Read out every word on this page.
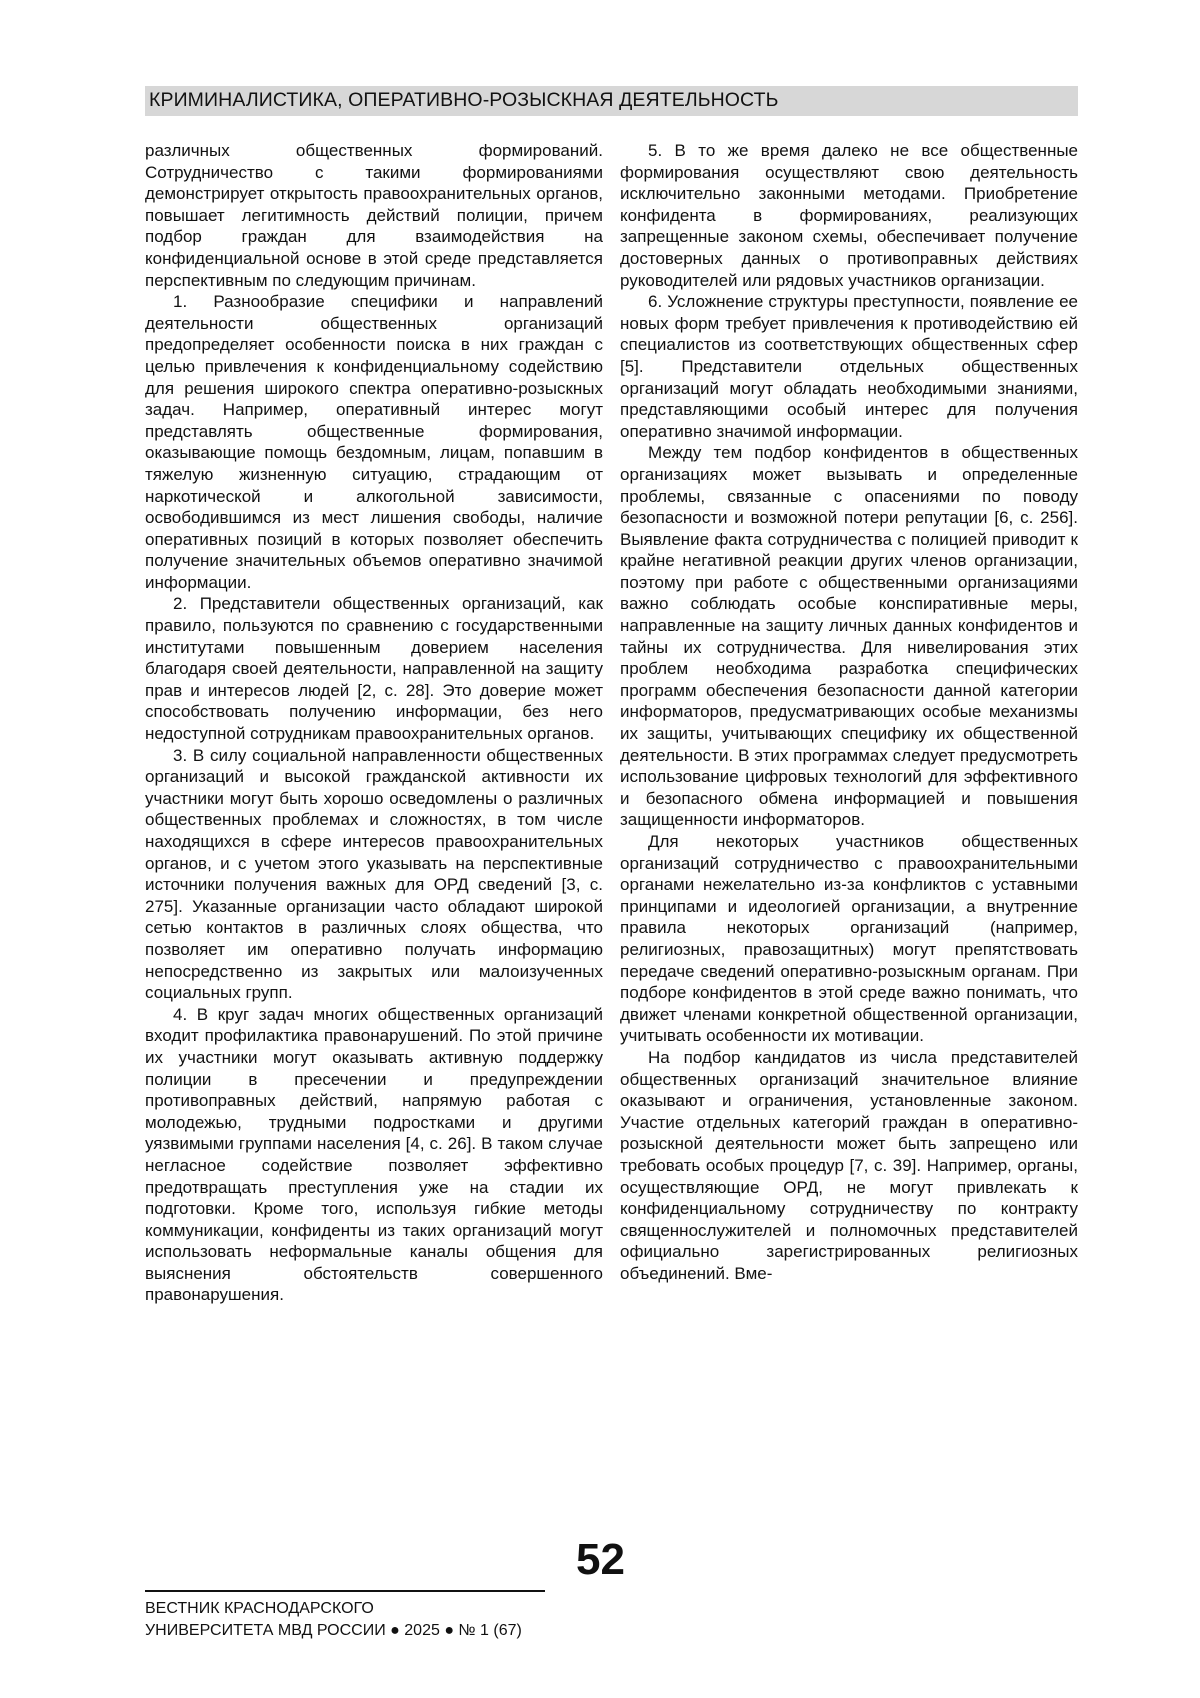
КРИМИНАЛИСТИКА, ОПЕРАТИВНО-РОЗЫСКНАЯ ДЕЯТЕЛЬНОСТЬ

различных общественных формирований. Сотрудничество с такими формированиями демонстрирует открытость правоохранительных органов, повышает легитимность действий полиции, причем подбор граждан для взаимодействия на конфиденциальной основе в этой среде представляется перспективным по следующим причинам.

1. Разнообразие специфики и направлений деятельности общественных организаций предопределяет особенности поиска в них граждан с целью привлечения к конфиденциальному содействию для решения широкого спектра оперативно-розыскных задач. Например, оперативный интерес могут представлять общественные формирования, оказывающие помощь бездомным, лицам, попавшим в тяжелую жизненную ситуацию, страдающим от наркотической и алкогольной зависимости, освободившимся из мест лишения свободы, наличие оперативных позиций в которых позволяет обеспечить получение значительных объемов оперативно значимой информации.

2. Представители общественных организаций, как правило, пользуются по сравнению с государственными институтами повышенным доверием населения благодаря своей деятельности, направленной на защиту прав и интересов людей [2, с. 28]. Это доверие может способствовать получению информации, без него недоступной сотрудникам правоохранительных органов.

3. В силу социальной направленности общественных организаций и высокой гражданской активности их участники могут быть хорошо осведомлены о различных общественных проблемах и сложностях, в том числе находящихся в сфере интересов правоохранительных органов, и с учетом этого указывать на перспективные источники получения важных для ОРД сведений [3, с. 275]. Указанные организации часто обладают широкой сетью контактов в различных слоях общества, что позволяет им оперативно получать информацию непосредственно из закрытых или малоизученных социальных групп.

4. В круг задач многих общественных организаций входит профилактика правонарушений. По этой причине их участники могут оказывать активную поддержку полиции в пресечении и предупреждении противоправных действий, напрямую работая с молодежью, трудными подростками и другими уязвимыми группами населения [4, с. 26]. В таком случае негласное содействие позволяет эффективно предотвращать преступления уже на стадии их подготовки. Кроме того, используя гибкие методы коммуникации, конфиденты из таких организаций могут использовать неформальные каналы общения для выяснения обстоятельств совершенного правонарушения.

5. В то же время далеко не все общественные формирования осуществляют свою деятельность исключительно законными методами. Приобретение конфидента в формированиях, реализующих запрещенные законом схемы, обеспечивает получение достоверных данных о противоправных действиях руководителей или рядовых участников организации.

6. Усложнение структуры преступности, появление ее новых форм требует привлечения к противодействию ей специалистов из соответствующих общественных сфер [5]. Представители отдельных общественных организаций могут обладать необходимыми знаниями, представляющими особый интерес для получения оперативно значимой информации.

Между тем подбор конфидентов в общественных организациях может вызывать и определенные проблемы, связанные с опасениями по поводу безопасности и возможной потери репутации [6, с. 256]. Выявление факта сотрудничества с полицией приводит к крайне негативной реакции других членов организации, поэтому при работе с общественными организациями важно соблюдать особые конспиративные меры, направленные на защиту личных данных конфидентов и тайны их сотрудничества. Для нивелирования этих проблем необходима разработка специфических программ обеспечения безопасности данной категории информаторов, предусматривающих особые механизмы их защиты, учитывающих специфику их общественной деятельности. В этих программах следует предусмотреть использование цифровых технологий для эффективного и безопасного обмена информацией и повышения защищенности информаторов.

Для некоторых участников общественных организаций сотрудничество с правоохранительными органами нежелательно из-за конфликтов с уставными принципами и идеологией организации, а внутренние правила некоторых организаций (например, религиозных, правозащитных) могут препятствовать передаче сведений оперативно-розыскным органам. При подборе конфидентов в этой среде важно понимать, что движет членами конкретной общественной организации, учитывать особенности их мотивации.

На подбор кандидатов из числа представителей общественных организаций значительное влияние оказывают и ограничения, установленные законом. Участие отдельных категорий граждан в оперативно-розыскной деятельности может быть запрещено или требовать особых процедур [7, с. 39]. Например, органы, осуществляющие ОРД, не могут привлекать к конфиденциальному сотрудничеству по контракту священнослужителей и полномочных представителей официально зарегистрированных религиозных объединений. Вме-

52
ВЕСТНИК КРАСНОДАРСКОГО
УНИВЕРСИТЕТА МВД РОССИИ ● 2025 ● № 1 (67)
